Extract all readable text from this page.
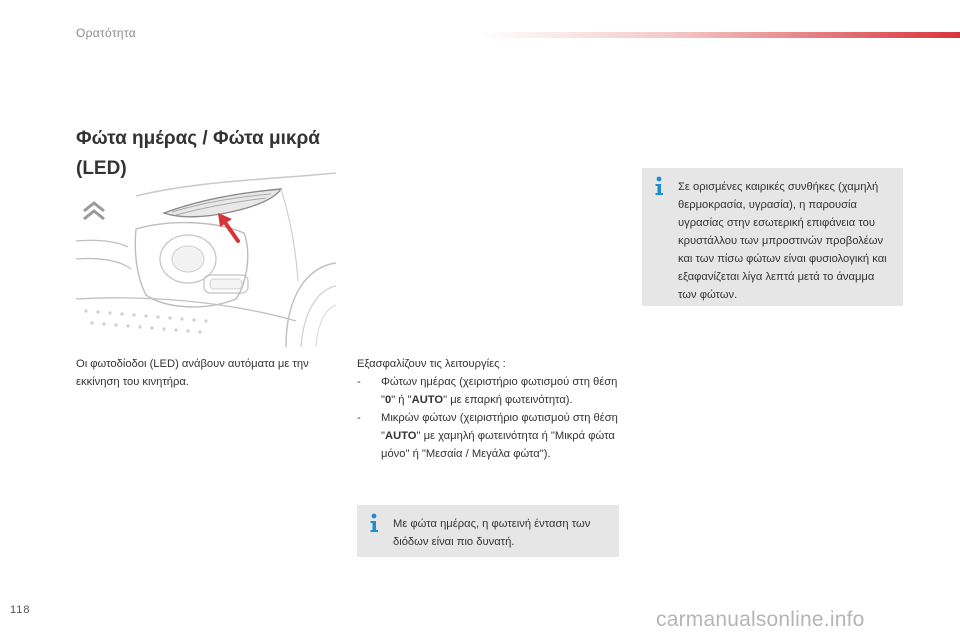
Ορατότητα
Φώτα ημέρας / Φώτα μικρά
(LED)
Οι φωτοδίοδοι (LED) ανάβουν αυτόματα με την εκκίνηση του κινητήρα.

Εξασφαλίζουν τις λειτουργίες :

- Φώτων ημέρας (χειριστήριο φωτισμού στη θέση "0" ή "AUTO" με επαρκή φωτεινότητα).
- Μικρών φώτων (χειριστήριο φωτισμού στη θέση "AUTO" με χαμηλή φωτεινότητα ή "Μικρά φώτα μόνο" ή "Μεσαία / Μεγάλα φώτα").
Σε ορισμένες καιρικές συνθήκες (χαμηλή θερμοκρασία, υγρασία), η παρουσία υγρασίας στην εσωτερική επιφάνεια του κρυστάλλου των μπροστινών προβολέων και των πίσω φώτων είναι φυσιολογική και εξαφανίζεται λίγα λεπτά μετά το άναμμα των φώτων.
Με φώτα ημέρας, η φωτεινή ένταση των διόδων είναι πιο δυνατή.
118	carmanualsonline.info
